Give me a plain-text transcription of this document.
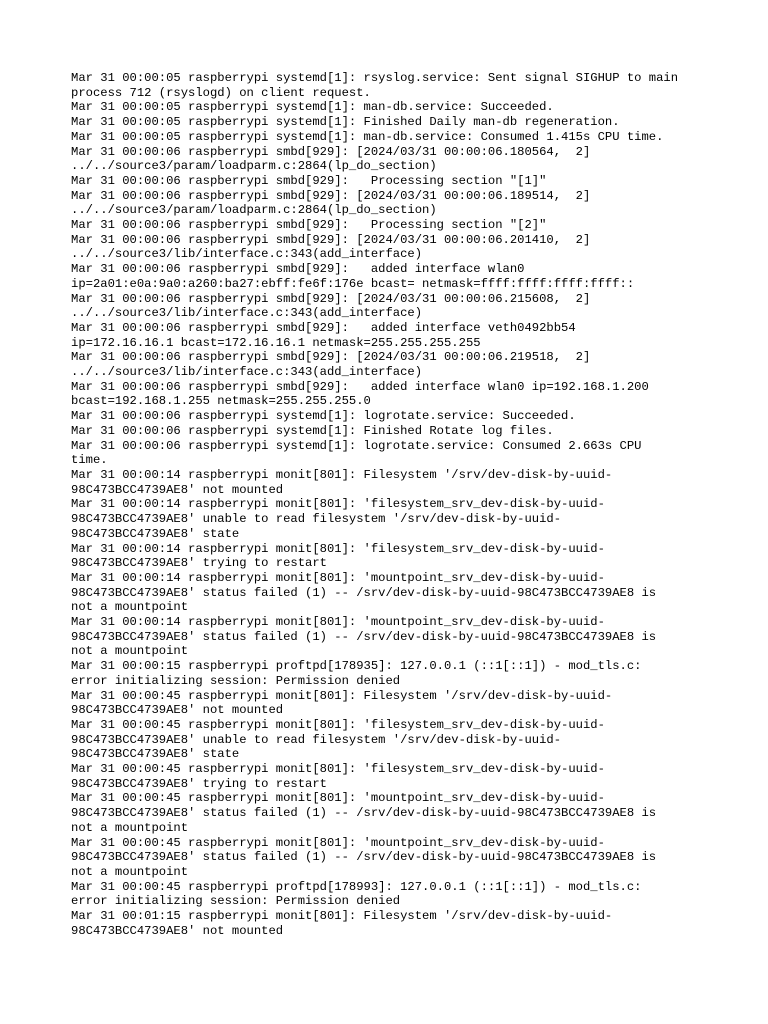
Mar 31 00:00:05 raspberrypi systemd[1]: rsyslog.service: Sent signal SIGHUP to main
process 712 (rsyslogd) on client request.
Mar 31 00:00:05 raspberrypi systemd[1]: man-db.service: Succeeded.
Mar 31 00:00:05 raspberrypi systemd[1]: Finished Daily man-db regeneration.
Mar 31 00:00:05 raspberrypi systemd[1]: man-db.service: Consumed 1.415s CPU time.
Mar 31 00:00:06 raspberrypi smbd[929]: [2024/03/31 00:00:06.180564,  2]
../../source3/param/loadparm.c:2864(lp_do_section)
Mar 31 00:00:06 raspberrypi smbd[929]:   Processing section "[1]"
Mar 31 00:00:06 raspberrypi smbd[929]: [2024/03/31 00:00:06.189514,  2]
../../source3/param/loadparm.c:2864(lp_do_section)
Mar 31 00:00:06 raspberrypi smbd[929]:   Processing section "[2]"
Mar 31 00:00:06 raspberrypi smbd[929]: [2024/03/31 00:00:06.201410,  2]
../../source3/lib/interface.c:343(add_interface)
Mar 31 00:00:06 raspberrypi smbd[929]:   added interface wlan0
ip=2a01:e0a:9a0:a260:ba27:ebff:fe6f:176e bcast= netmask=ffff:ffff:ffff:ffff::
Mar 31 00:00:06 raspberrypi smbd[929]: [2024/03/31 00:00:06.215608,  2]
../../source3/lib/interface.c:343(add_interface)
Mar 31 00:00:06 raspberrypi smbd[929]:   added interface veth0492bb54
ip=172.16.16.1 bcast=172.16.16.1 netmask=255.255.255.255
Mar 31 00:00:06 raspberrypi smbd[929]: [2024/03/31 00:00:06.219518,  2]
../../source3/lib/interface.c:343(add_interface)
Mar 31 00:00:06 raspberrypi smbd[929]:   added interface wlan0 ip=192.168.1.200
bcast=192.168.1.255 netmask=255.255.255.0
Mar 31 00:00:06 raspberrypi systemd[1]: logrotate.service: Succeeded.
Mar 31 00:00:06 raspberrypi systemd[1]: Finished Rotate log files.
Mar 31 00:00:06 raspberrypi systemd[1]: logrotate.service: Consumed 2.663s CPU
time.
Mar 31 00:00:14 raspberrypi monit[801]: Filesystem '/srv/dev-disk-by-uuid-
98C473BCC4739AE8' not mounted
Mar 31 00:00:14 raspberrypi monit[801]: 'filesystem_srv_dev-disk-by-uuid-
98C473BCC4739AE8' unable to read filesystem '/srv/dev-disk-by-uuid-
98C473BCC4739AE8' state
Mar 31 00:00:14 raspberrypi monit[801]: 'filesystem_srv_dev-disk-by-uuid-
98C473BCC4739AE8' trying to restart
Mar 31 00:00:14 raspberrypi monit[801]: 'mountpoint_srv_dev-disk-by-uuid-
98C473BCC4739AE8' status failed (1) -- /srv/dev-disk-by-uuid-98C473BCC4739AE8 is
not a mountpoint
Mar 31 00:00:14 raspberrypi monit[801]: 'mountpoint_srv_dev-disk-by-uuid-
98C473BCC4739AE8' status failed (1) -- /srv/dev-disk-by-uuid-98C473BCC4739AE8 is
not a mountpoint
Mar 31 00:00:15 raspberrypi proftpd[178935]: 127.0.0.1 (::1[::1]) - mod_tls.c:
error initializing session: Permission denied
Mar 31 00:00:45 raspberrypi monit[801]: Filesystem '/srv/dev-disk-by-uuid-
98C473BCC4739AE8' not mounted
Mar 31 00:00:45 raspberrypi monit[801]: 'filesystem_srv_dev-disk-by-uuid-
98C473BCC4739AE8' unable to read filesystem '/srv/dev-disk-by-uuid-
98C473BCC4739AE8' state
Mar 31 00:00:45 raspberrypi monit[801]: 'filesystem_srv_dev-disk-by-uuid-
98C473BCC4739AE8' trying to restart
Mar 31 00:00:45 raspberrypi monit[801]: 'mountpoint_srv_dev-disk-by-uuid-
98C473BCC4739AE8' status failed (1) -- /srv/dev-disk-by-uuid-98C473BCC4739AE8 is
not a mountpoint
Mar 31 00:00:45 raspberrypi monit[801]: 'mountpoint_srv_dev-disk-by-uuid-
98C473BCC4739AE8' status failed (1) -- /srv/dev-disk-by-uuid-98C473BCC4739AE8 is
not a mountpoint
Mar 31 00:00:45 raspberrypi proftpd[178993]: 127.0.0.1 (::1[::1]) - mod_tls.c:
error initializing session: Permission denied
Mar 31 00:01:15 raspberrypi monit[801]: Filesystem '/srv/dev-disk-by-uuid-
98C473BCC4739AE8' not mounted
